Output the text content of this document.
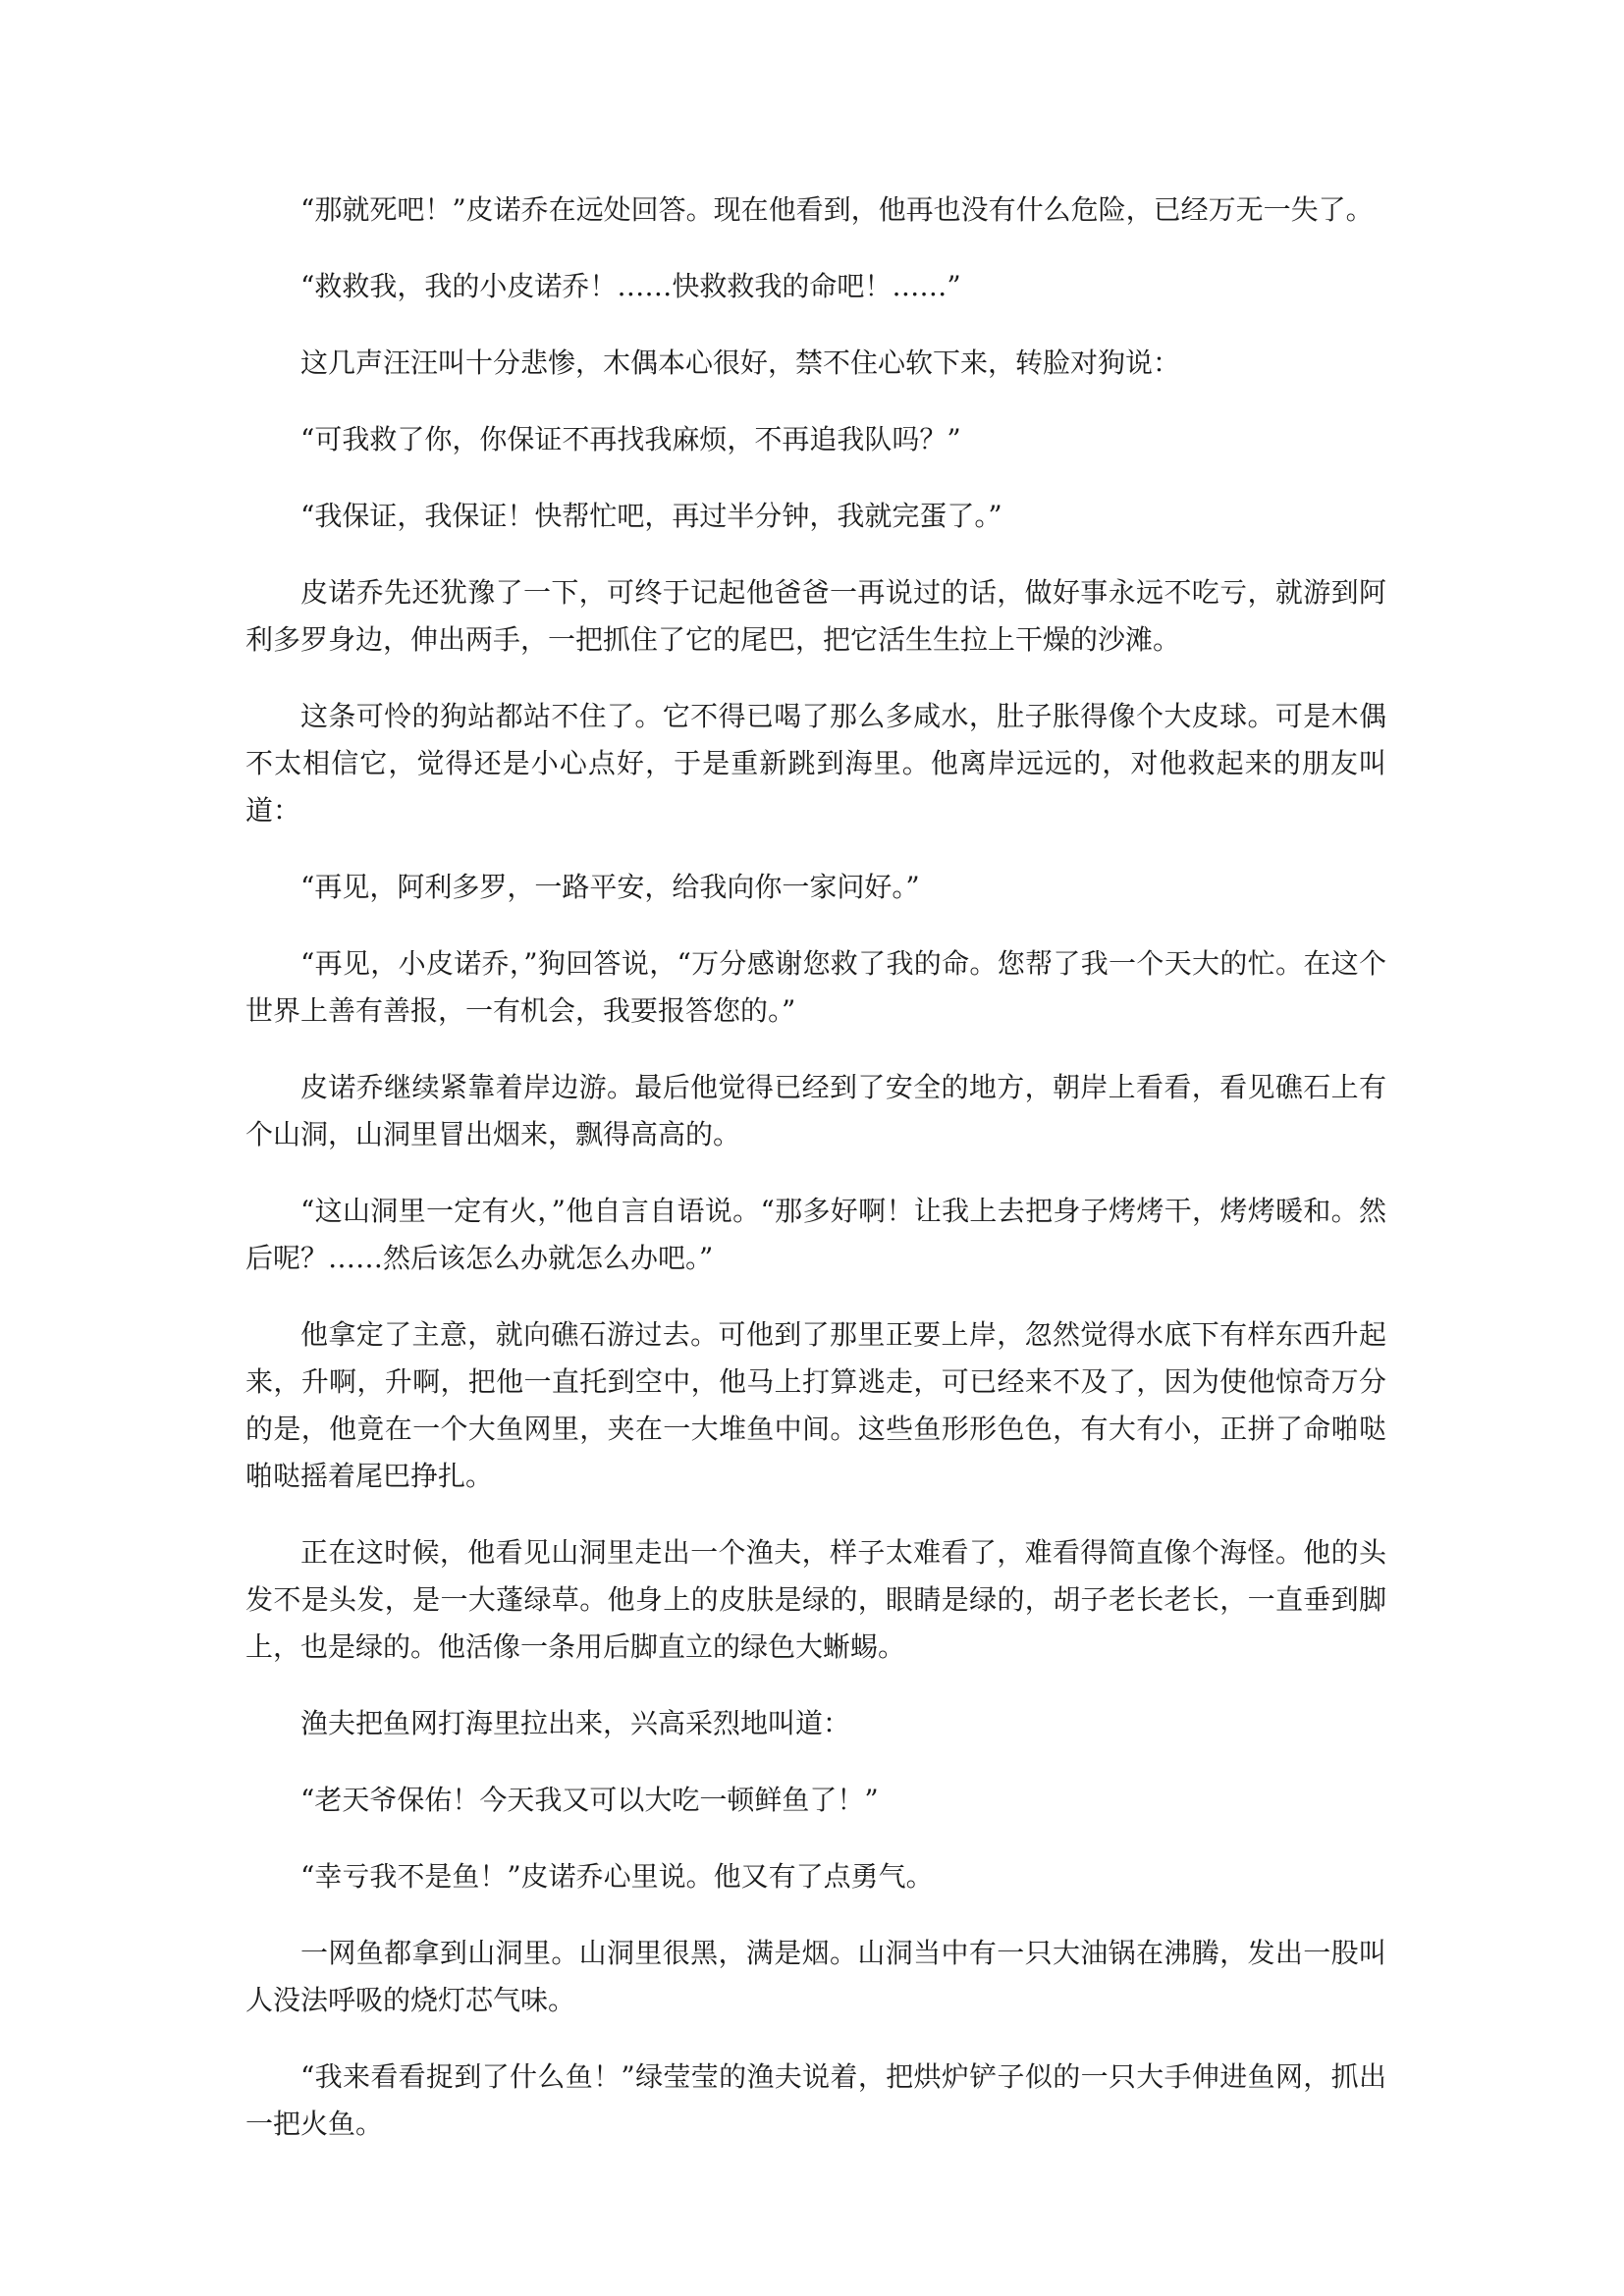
“那就死吧！”皮诺乔在远处回答。现在他看到，他再也没有什么危险，已经万无一失了。

“救救我，我的小皮诺乔！……快救救我的命吧！……”

这几声汪汪叫十分悲惨，木偶本心很好，禁不住心软下来，转脸对狗说：

“可我救了你，你保证不再找我麻烦，不再追我队吗？”

“我保证，我保证！快帮忙吧，再过半分钟，我就完蛋了。”

皮诺乔先还犹豫了一下，可终于记起他爸爸一再说过的话，做好事永远不吃亏，就游到阿利多罗身边，伸出两手，一把抓住了它的尾巴，把它活生生拉上干燥的沙滩。

这条可怜的狗站都站不住了。它不得已喝了那么多咸水，肚子胀得像个大皮球。可是木偶不太相信它，觉得还是小心点好，于是重新跳到海里。他离岸远远的，对他救起来的朋友叫道：

“再见，阿利多罗，一路平安，给我向你一家问好。”

“再见，小皮诺乔，”狗回答说，“万分感谢您救了我的命。您帮了我一个天大的忙。在这个世界上善有善报，一有机会，我要报答您的。”

皮诺乔继续紧靠着岸边游。最后他觉得已经到了安全的地方，朝岸上看看，看见礁石上有个山洞，山洞里冒出烟来，飘得高高的。

“这山洞里一定有火，”他自言自语说。“那多好啊！让我上去把身子烤烤干，烤烤暖和。然后呢？……然后该怎么办就怎么办吧。”

他拿定了主意，就向礁石游过去。可他到了那里正要上岸，忽然觉得水底下有样东西升起来，升啊，升啊，把他一直托到空中，他马上打算逃走，可已经来不及了，因为使他惊奇万分的是，他竟在一个大鱼网里，夹在一大堆鱼中间。这些鱼形形色色，有大有小，正拼了命啪哒啪哒摇着尾巴挣扎。

正在这时候，他看见山洞里走出一个渔夫，样子太难看了，难看得简直像个海怪。他的头发不是头发，是一大蓬绿草。他身上的皮肤是绿的，眼睛是绿的，胡子老长老长，一直垂到脚上，也是绿的。他活像一条用后脚直立的绿色大蜥蜴。

渔夫把鱼网打海里拉出来，兴高采烈地叫道：

“老天爷保佑！今天我又可以大吃一顿鲜鱼了！”

“幸亏我不是鱼！”皮诺乔心里说。他又有了点勇气。

一网鱼都拿到山洞里。山洞里很黑，满是烟。山洞当中有一只大油锅在沸腾，发出一股叫人没法呼吸的烧灯芯气味。

“我来看看捉到了什么鱼！”绿莹莹的渔夫说着，把烘炉铲子似的一只大手伸进鱼网，抓出一把火鱼。
